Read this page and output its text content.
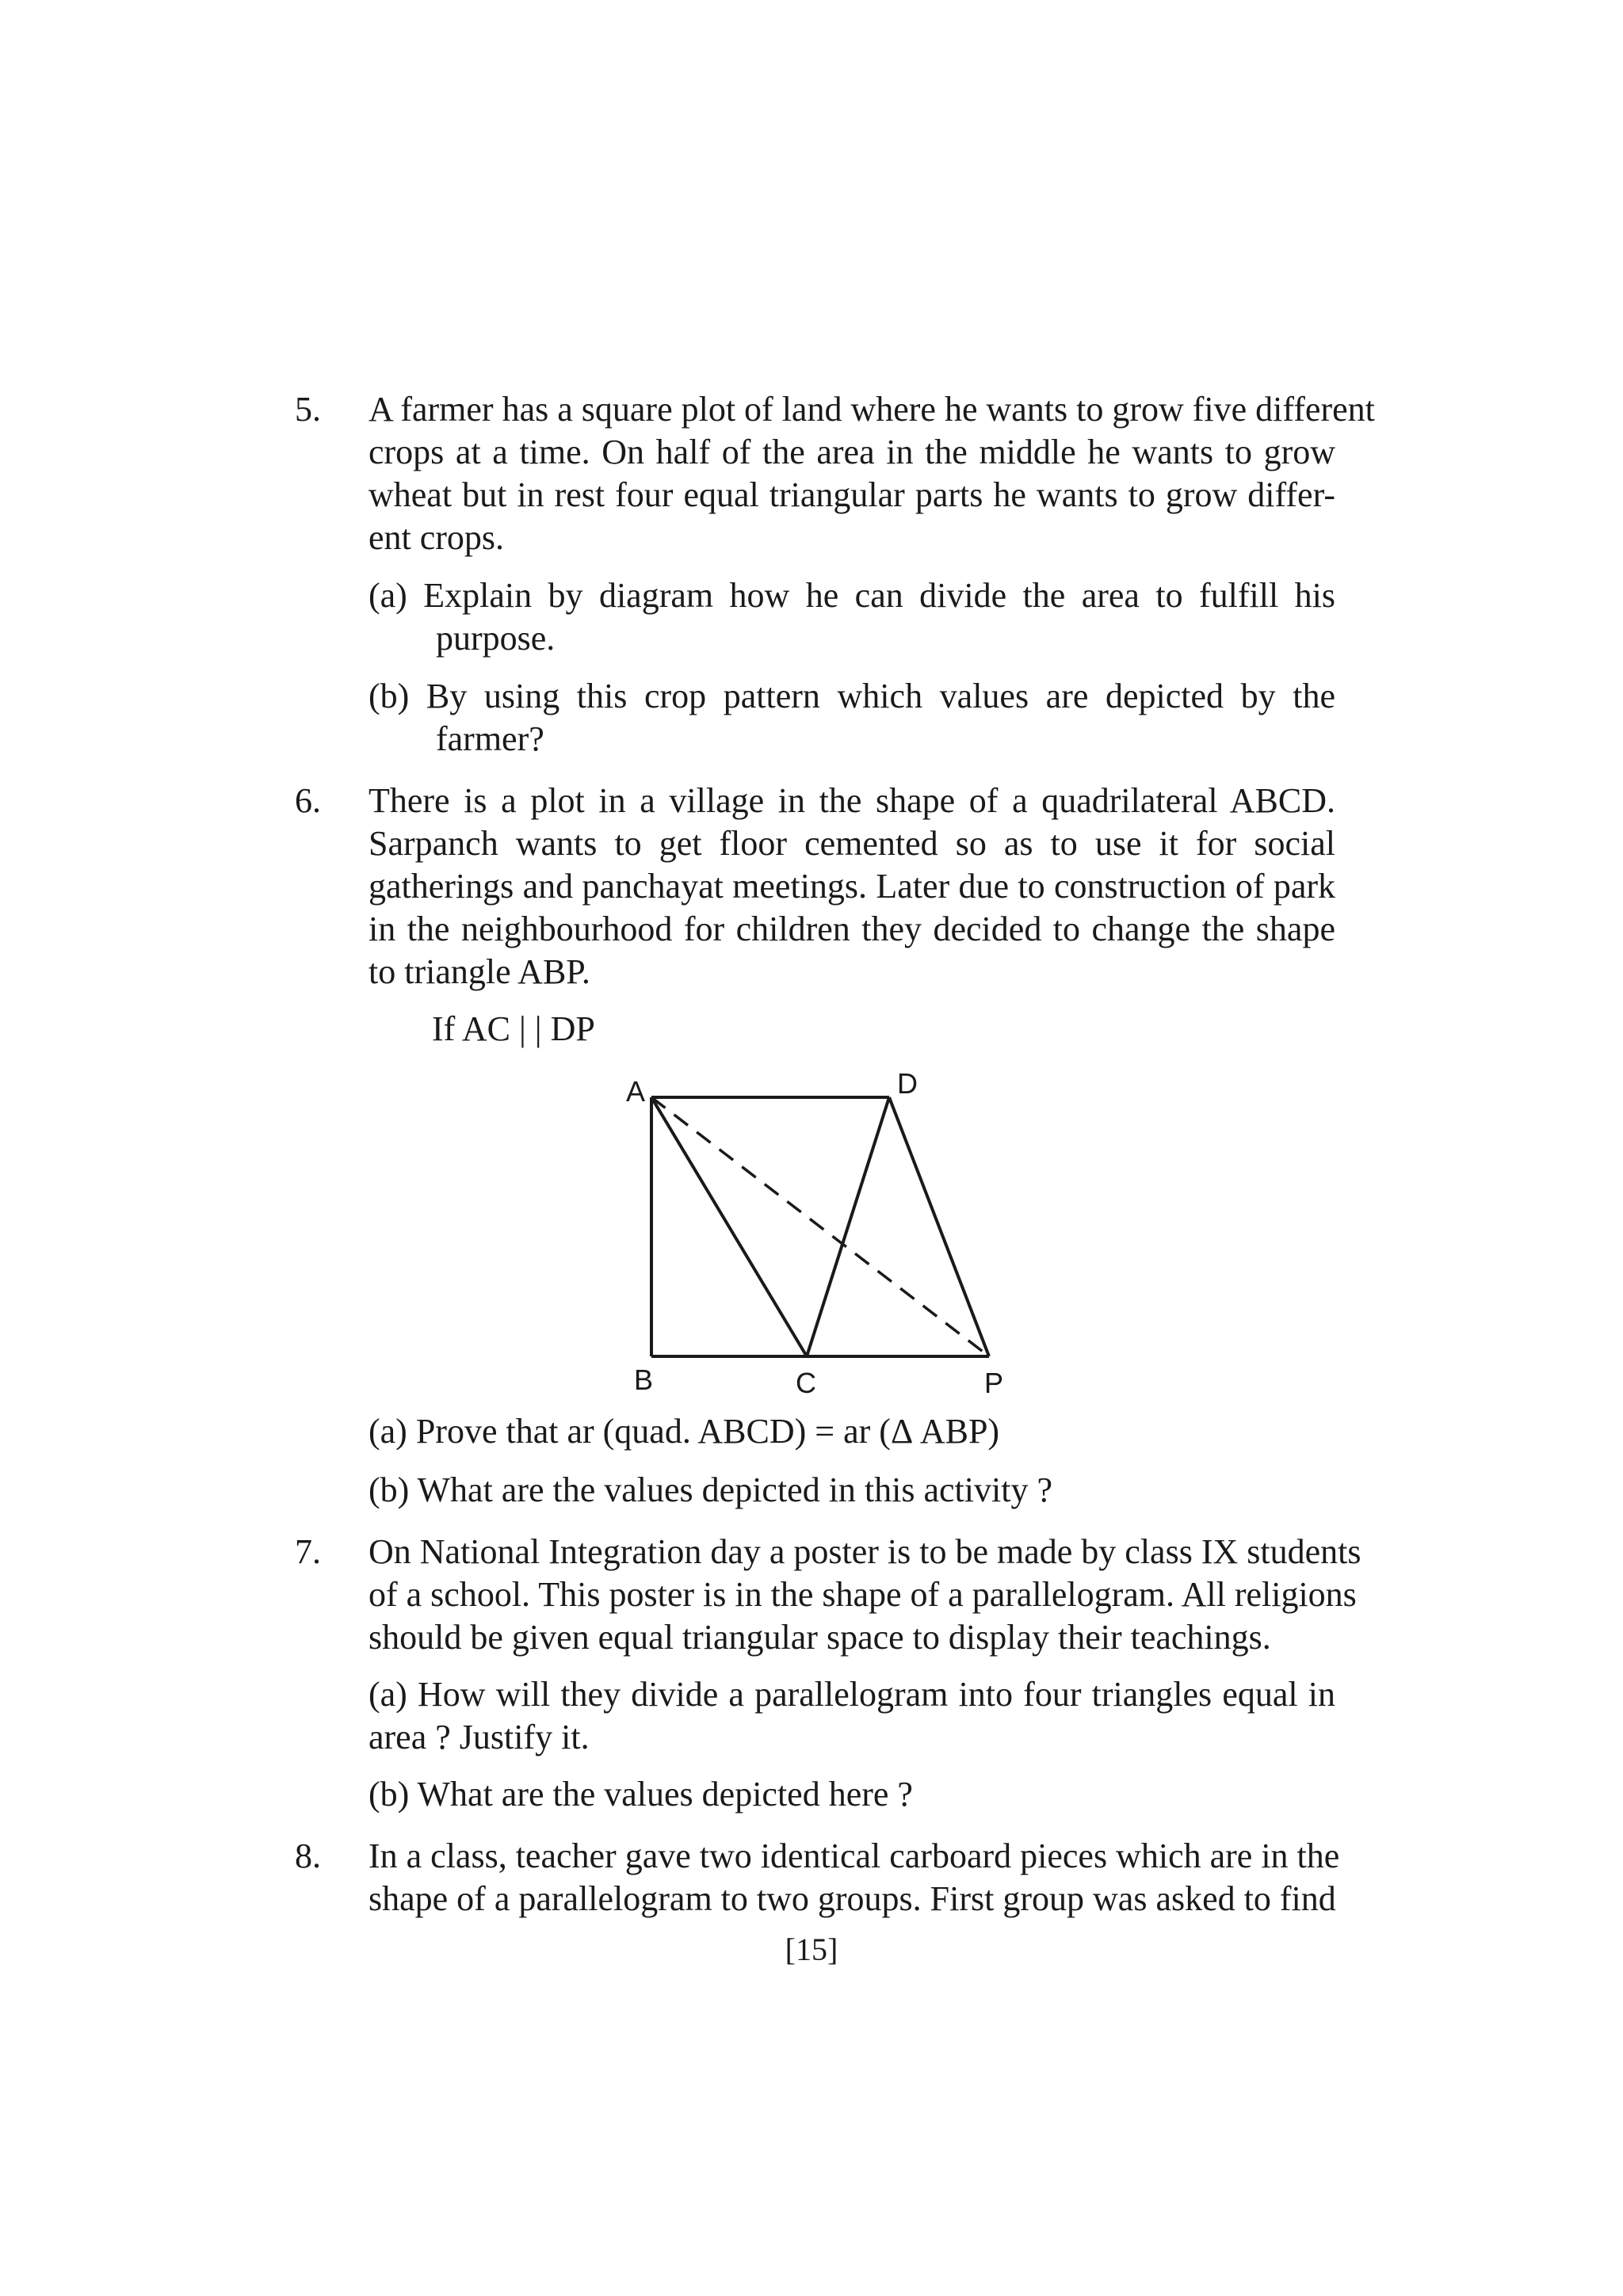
5. A farmer has a square plot of land where he wants to grow five different
crops at a time. On half of the area in the middle he wants to grow
wheat but in rest four equal triangular parts he wants to grow differ-
ent crops.
(a) Explain by diagram how he can divide the area to fulfill his
purpose.
(b) By using this crop pattern which values are depicted by the
farmer?
6. There is a plot in a village in the shape of a quadrilateral ABCD.
Sarpanch wants to get floor cemented so as to use it for social
gatherings and panchayat meetings. Later due to construction of park
in the neighbourhood for children they decided to change the shape
to triangle ABP.
If AC | | DP
A	D
B	C	P
(a) Prove that ar (quad. ABCD) = ar (Δ ABP)
(b) What are the values depicted in this activity ?
7. On National Integration day a poster is to be made by class IX students
of a school. This poster is in the shape of a parallelogram. All religions
should be given equal triangular space to display their teachings.
(a) How will they divide a parallelogram into four triangles equal in
area ? Justify it.
(b) What are the values depicted here ?
8. In a class, teacher gave two identical carboard pieces which are in the
shape of a parallelogram to two groups. First group was asked to find
[15]
